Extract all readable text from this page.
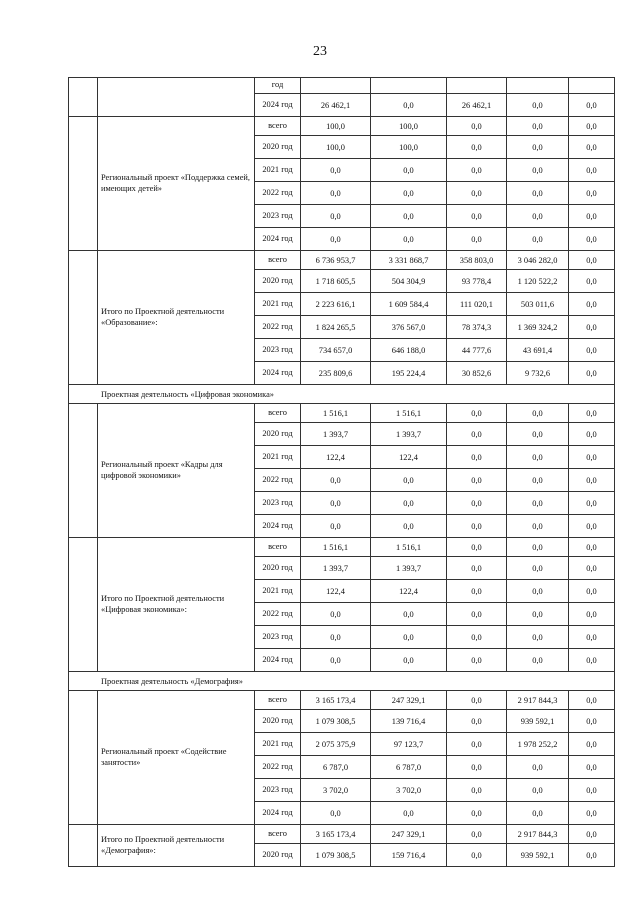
23
		год					
		2024 год	26 462,1	0,0	26 462,1	0,0	0,0
	Региональный проект «Поддержка семей, имеющих детей»	всего	100,0	100,0	0,0	0,0	0,0
		2020 год	100,0	100,0	0,0	0,0	0,0
		2021 год	0,0	0,0	0,0	0,0	0,0
		2022 год	0,0	0,0	0,0	0,0	0,0
		2023 год	0,0	0,0	0,0	0,0	0,0
		2024 год	0,0	0,0	0,0	0,0	0,0
	Итого по Проектной деятельности «Образование»:	всего	6 736 953,7	3 331 868,7	358 803,0	3 046 282,0	0,0
		2020 год	1 718 605,5	504 304,9	93 778,4	1 120 522,2	0,0
		2021 год	2 223 616,1	1 609 584,4	111 020,1	503 011,6	0,0
		2022 год	1 824 265,5	376 567,0	78 374,3	1 369 324,2	0,0
		2023 год	734 657,0	646 188,0	44 777,6	43 691,4	0,0
		2024 год	235 809,6	195 224,4	30 852,6	9 732,6	0,0
Проектная деятельность «Цифровая экономика»							
	Региональный проект «Кадры для цифровой экономики»	всего	1 516,1	1 516,1	0,0	0,0	0,0
		2020 год	1 393,7	1 393,7	0,0	0,0	0,0
		2021 год	122,4	122,4	0,0	0,0	0,0
		2022 год	0,0	0,0	0,0	0,0	0,0
		2023 год	0,0	0,0	0,0	0,0	0,0
		2024 год	0,0	0,0	0,0	0,0	0,0
	Итого по Проектной деятельности «Цифровая экономика»:	всего	1 516,1	1 516,1	0,0	0,0	0,0
		2020 год	1 393,7	1 393,7	0,0	0,0	0,0
		2021 год	122,4	122,4	0,0	0,0	0,0
		2022 год	0,0	0,0	0,0	0,0	0,0
		2023 год	0,0	0,0	0,0	0,0	0,0
		2024 год	0,0	0,0	0,0	0,0	0,0
Проектная деятельность «Демография»							
	Региональный проект «Содействие занятости»	всего	3 165 173,4	247 329,1	0,0	2 917 844,3	0,0
		2020 год	1 079 308,5	139 716,4	0,0	939 592,1	0,0
		2021 год	2 075 375,9	97 123,7	0,0	1 978 252,2	0,0
		2022 год	6 787,0	6 787,0	0,0	0,0	0,0
		2023 год	3 702,0	3 702,0	0,0	0,0	0,0
		2024 год	0,0	0,0	0,0	0,0	0,0
	Итого по Проектной деятельности «Демография»:	всего	3 165 173,4	247 329,1	0,0	2 917 844,3	0,0
		2020 год	1 079 308,5	159 716,4	0,0	939 592,1	0,0
